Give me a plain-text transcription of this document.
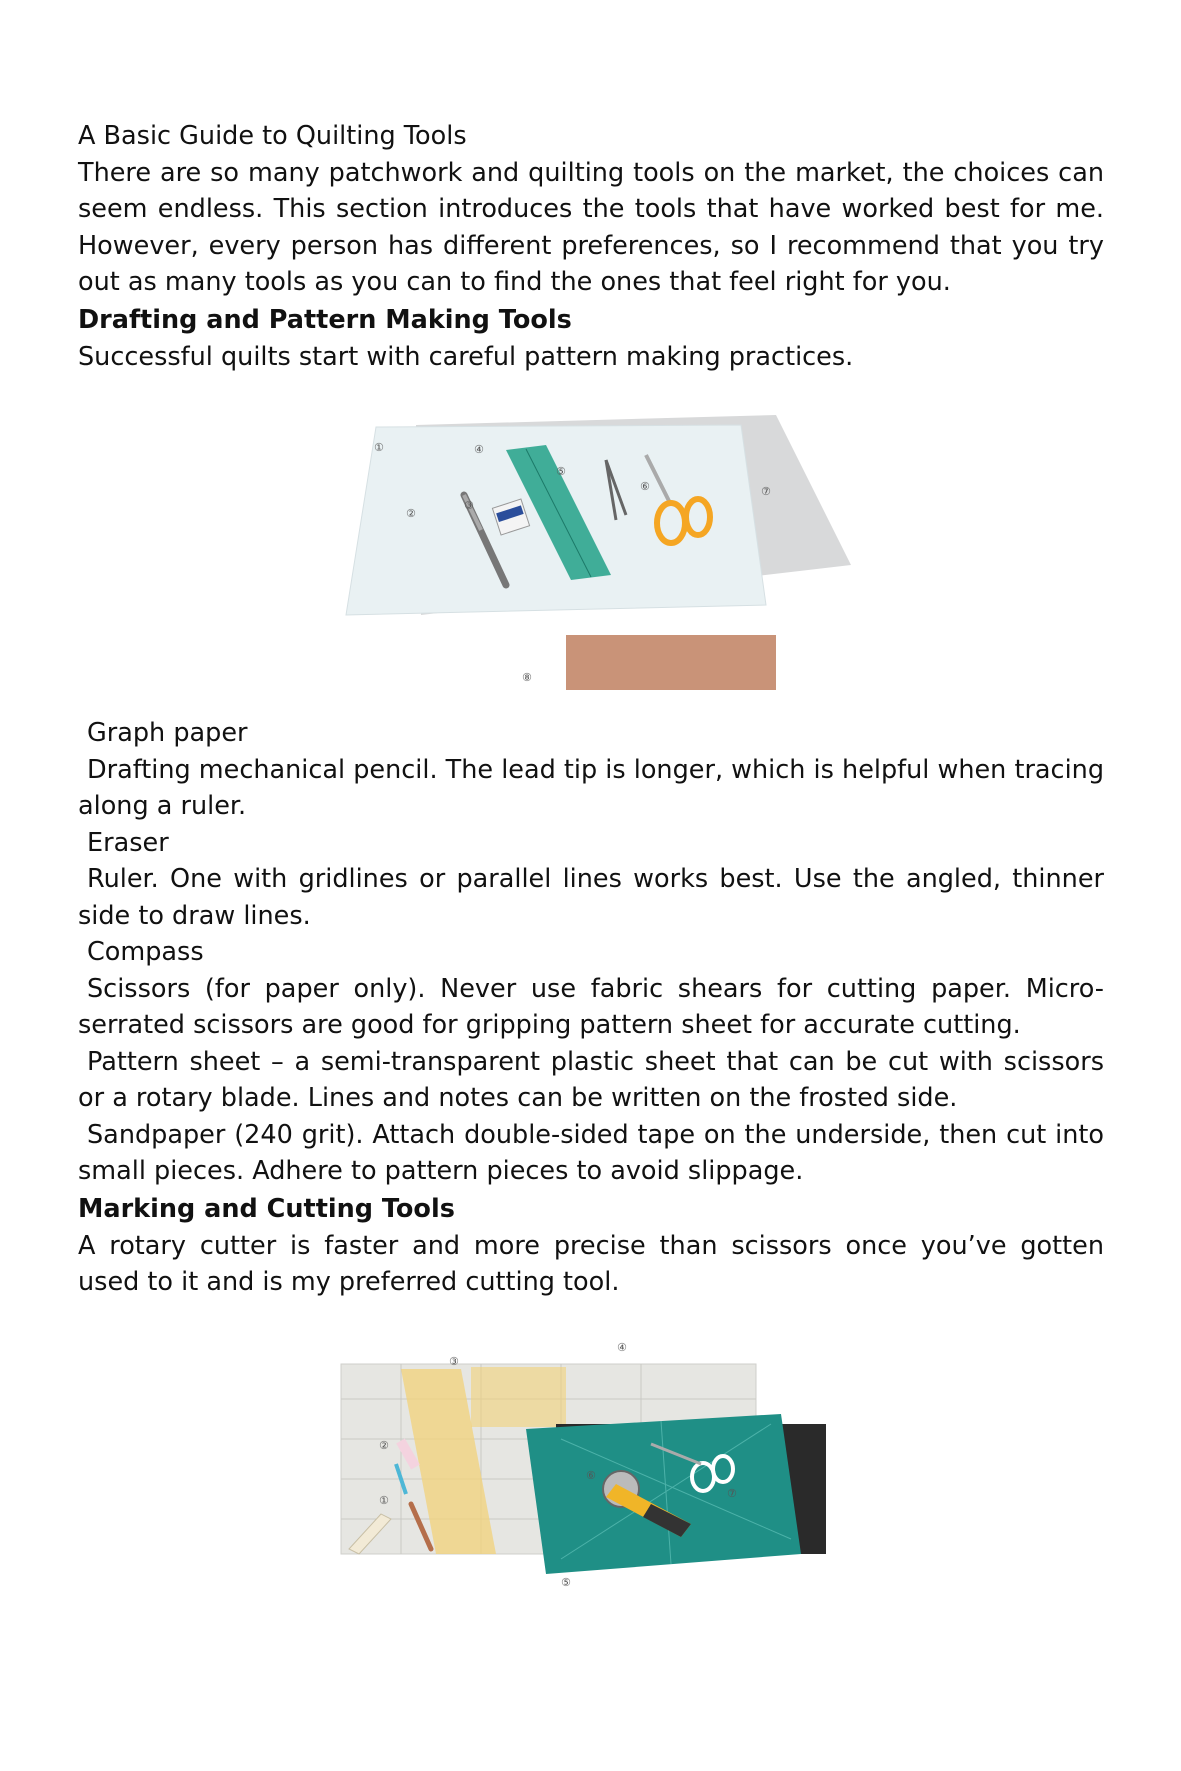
A Basic Guide to Quilting Tools

There are so many patchwork and quilting tools on the market, the choices can seem endless. This section introduces the tools that have worked best for me. However, every person has different preferences, so I recommend that you try out as many tools as you can to find the ones that feel right for you.

Drafting and Pattern Making Tools

Successful quilts start with careful pattern making practices.

①
②
③
④
⑤
⑥	⑦
⑧

Graph paper

Drafting mechanical pencil. The lead tip is longer, which is helpful when tracing along a ruler.

Eraser

Ruler. One with gridlines or parallel lines works best. Use the angled, thinner side to draw lines.

Compass

Scissors (for paper only). Never use fabric shears for cutting paper. Micro-serrated scissors are good for gripping pattern sheet for accurate cutting.

Pattern sheet – a semi-transparent plastic sheet that can be cut with scissors or a rotary blade. Lines and notes can be written on the frosted side.

Sandpaper (240 grit). Attach double-sided tape on the underside, then cut into small pieces. Adhere to pattern pieces to avoid slippage.

Marking and Cutting Tools

A rotary cutter is faster and more precise than scissors once you’ve gotten used to it and is my preferred cutting tool.

①
②
③
④
⑤
⑥
⑦
